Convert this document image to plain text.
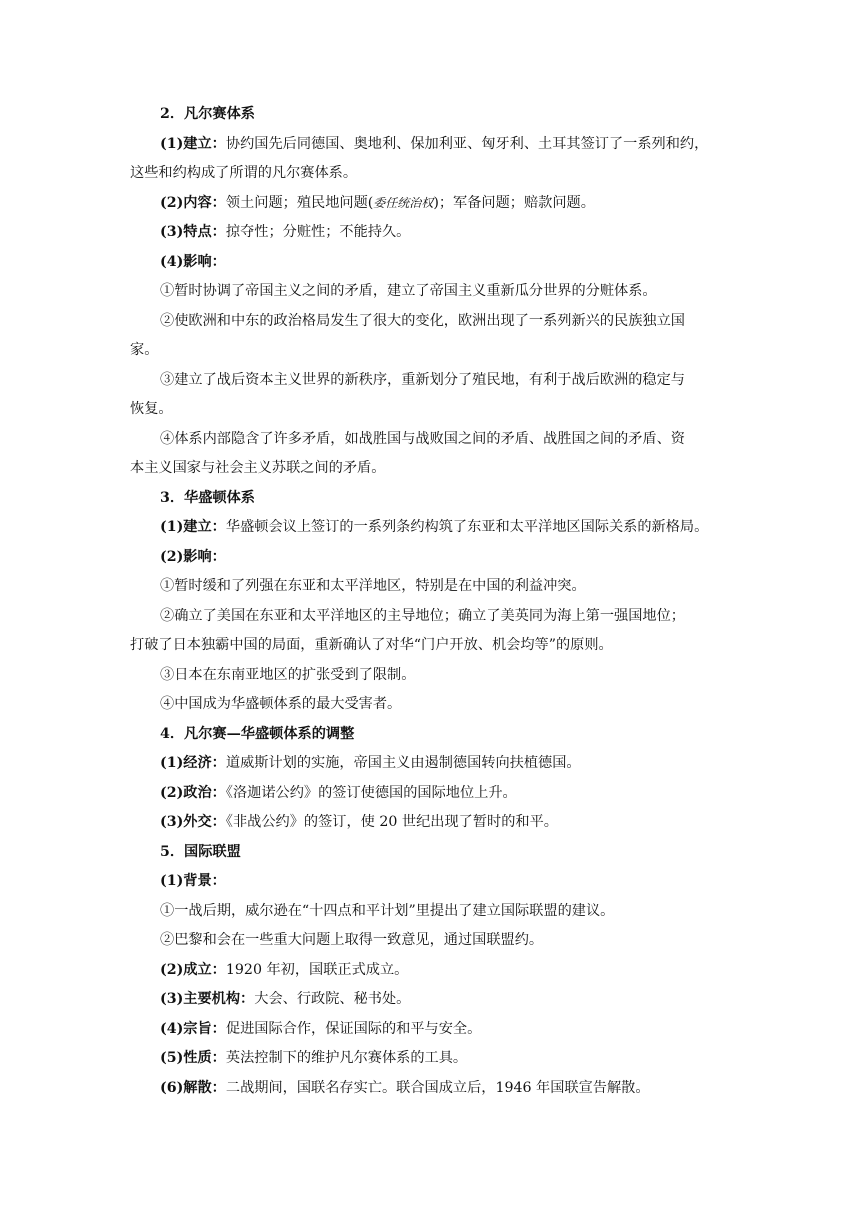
2．凡尔赛体系
(1)建立：协约国先后同德国、奥地利、保加利亚、匈牙利、土耳其签订了一系列和约，
这些和约构成了所谓的凡尔赛体系。
(2)内容：领土问题；殖民地问题(委任统治权)；军备问题；赔款问题。
(3)特点：掠夺性；分赃性；不能持久。
(4)影响：
①暂时协调了帝国主义之间的矛盾，建立了帝国主义重新瓜分世界的分赃体系。
②使欧洲和中东的政治格局发生了很大的变化，欧洲出现了一系列新兴的民族独立国
家。
③建立了战后资本主义世界的新秩序，重新划分了殖民地，有利于战后欧洲的稳定与
恢复。
④体系内部隐含了许多矛盾，如战胜国与战败国之间的矛盾、战胜国之间的矛盾、资
本主义国家与社会主义苏联之间的矛盾。
3．华盛顿体系
(1)建立：华盛顿会议上签订的一系列条约构筑了东亚和太平洋地区国际关系的新格局。
(2)影响：
①暂时缓和了列强在东亚和太平洋地区，特别是在中国的利益冲突。
②确立了美国在东亚和太平洋地区的主导地位；确立了美英同为海上第一强国地位；
打破了日本独霸中国的局面，重新确认了对华“门户开放、机会均等”的原则。
③日本在东南亚地区的扩张受到了限制。
④中国成为华盛顿体系的最大受害者。
4．凡尔赛—华盛顿体系的调整
(1)经济：道威斯计划的实施，帝国主义由遏制德国转向扶植德国。
(2)政治：《洛迦诺公约》的签订使德国的国际地位上升。
(3)外交：《非战公约》的签订，使 20 世纪出现了暂时的和平。
5．国际联盟
(1)背景：
①一战后期，威尔逊在“十四点和平计划”里提出了建立国际联盟的建议。
②巴黎和会在一些重大问题上取得一致意见，通过国联盟约。
(2)成立：1920 年初，国联正式成立。
(3)主要机构：大会、行政院、秘书处。
(4)宗旨：促进国际合作，保证国际的和平与安全。
(5)性质：英法控制下的维护凡尔赛体系的工具。
(6)解散：二战期间，国联名存实亡。联合国成立后，1946 年国联宣告解散。
